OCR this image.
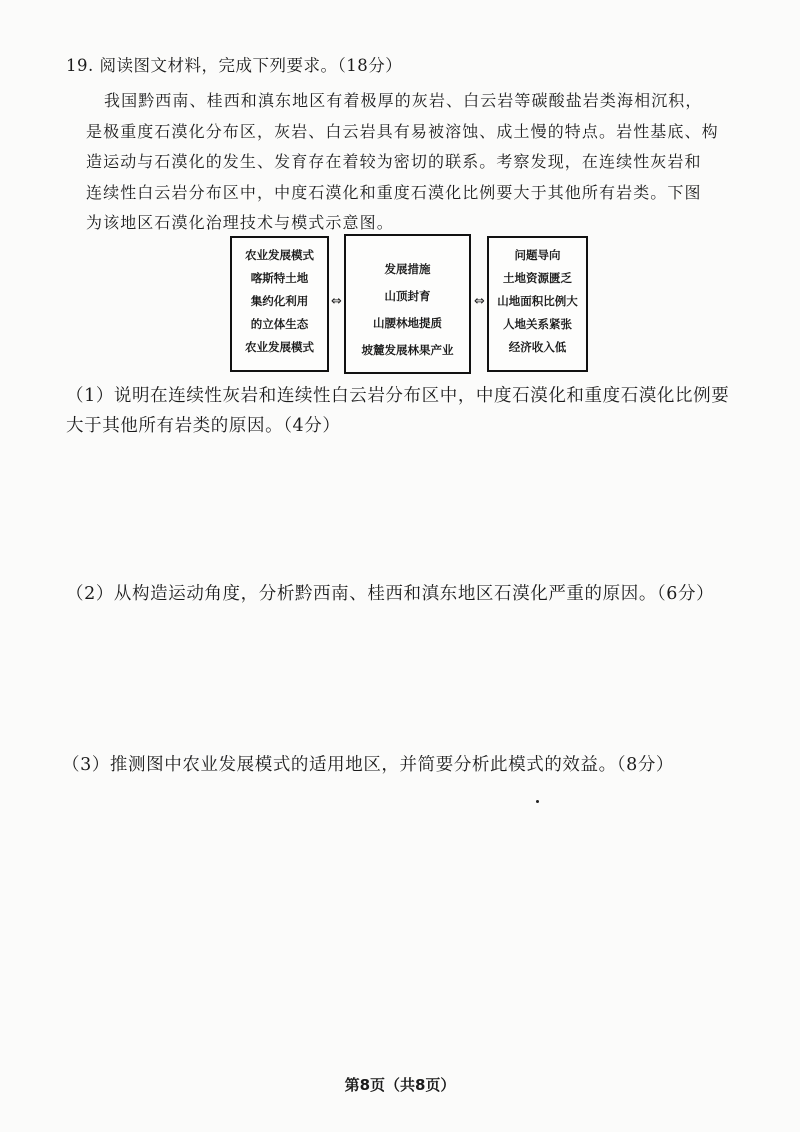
19. 阅读图文材料，完成下列要求。（18分）
我国黔西南、桂西和滇东地区有着极厚的灰岩、白云岩等碳酸盐岩类海相沉积，
是极重度石漠化分布区，灰岩、白云岩具有易被溶蚀、成土慢的特点。岩性基底、构
造运动与石漠化的发生、发育存在着较为密切的联系。考察发现，在连续性灰岩和
连续性白云岩分布区中，中度石漠化和重度石漠化比例要大于其他所有岩类。下图
为该地区石漠化治理技术与模式示意图。
农业发展模式
喀斯特土地
集约化利用
的立体生态
农业发展模式
⇔
发展措施
山顶封育
山腰林地提质
坡麓发展林果产业
⇔
问题导向
土地资源匮乏
山地面积比例大
人地关系紧张
经济收入低
（1）说明在连续性灰岩和连续性白云岩分布区中，中度石漠化和重度石漠化比例要
大于其他所有岩类的原因。（4分）
（2）从构造运动角度，分析黔西南、桂西和滇东地区石漠化严重的原因。（6分）
（3）推测图中农业发展模式的适用地区，并简要分析此模式的效益。（8分）
第8页（共8页）
